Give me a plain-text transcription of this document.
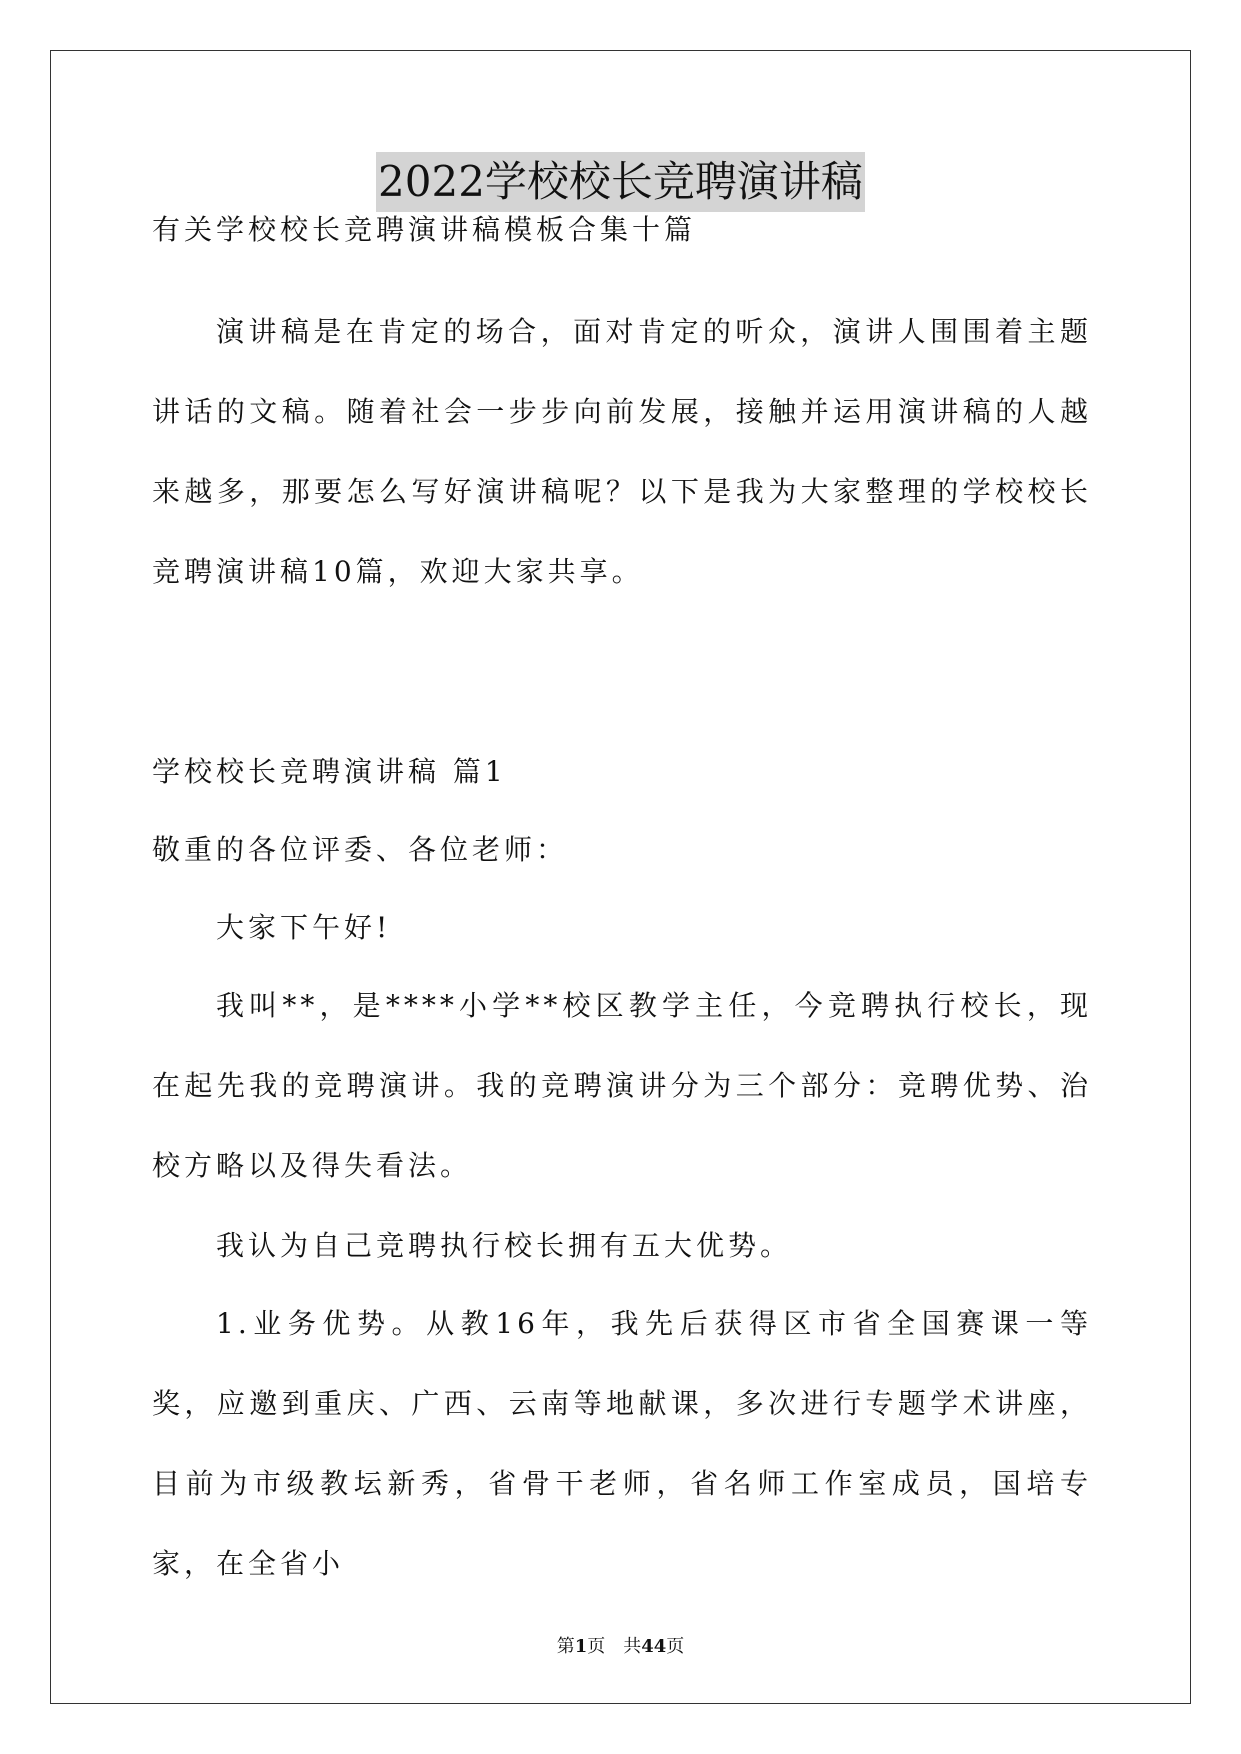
2022学校校长竞聘演讲稿

有关学校校长竞聘演讲稿模板合集十篇

演讲稿是在肯定的场合，面对肯定的听众，演讲人围围着主题讲话的文稿。随着社会一步步向前发展，接触并运用演讲稿的人越来越多，那要怎么写好演讲稿呢？以下是我为大家整理的学校校长竞聘演讲稿10篇，欢迎大家共享。

学校校长竞聘演讲稿 篇1

敬重的各位评委、各位老师：

大家下午好!

我叫**，是****小学**校区教学主任，今竞聘执行校长，现在起先我的竞聘演讲。我的竞聘演讲分为三个部分：竞聘优势、治校方略以及得失看法。

我认为自己竞聘执行校长拥有五大优势。

1.业务优势。从教16年，我先后获得区市省全国赛课一等奖，应邀到重庆、广西、云南等地献课，多次进行专题学术讲座，目前为市级教坛新秀，省骨干老师，省名师工作室成员，国培专家，在全省小

第1页　共44页
